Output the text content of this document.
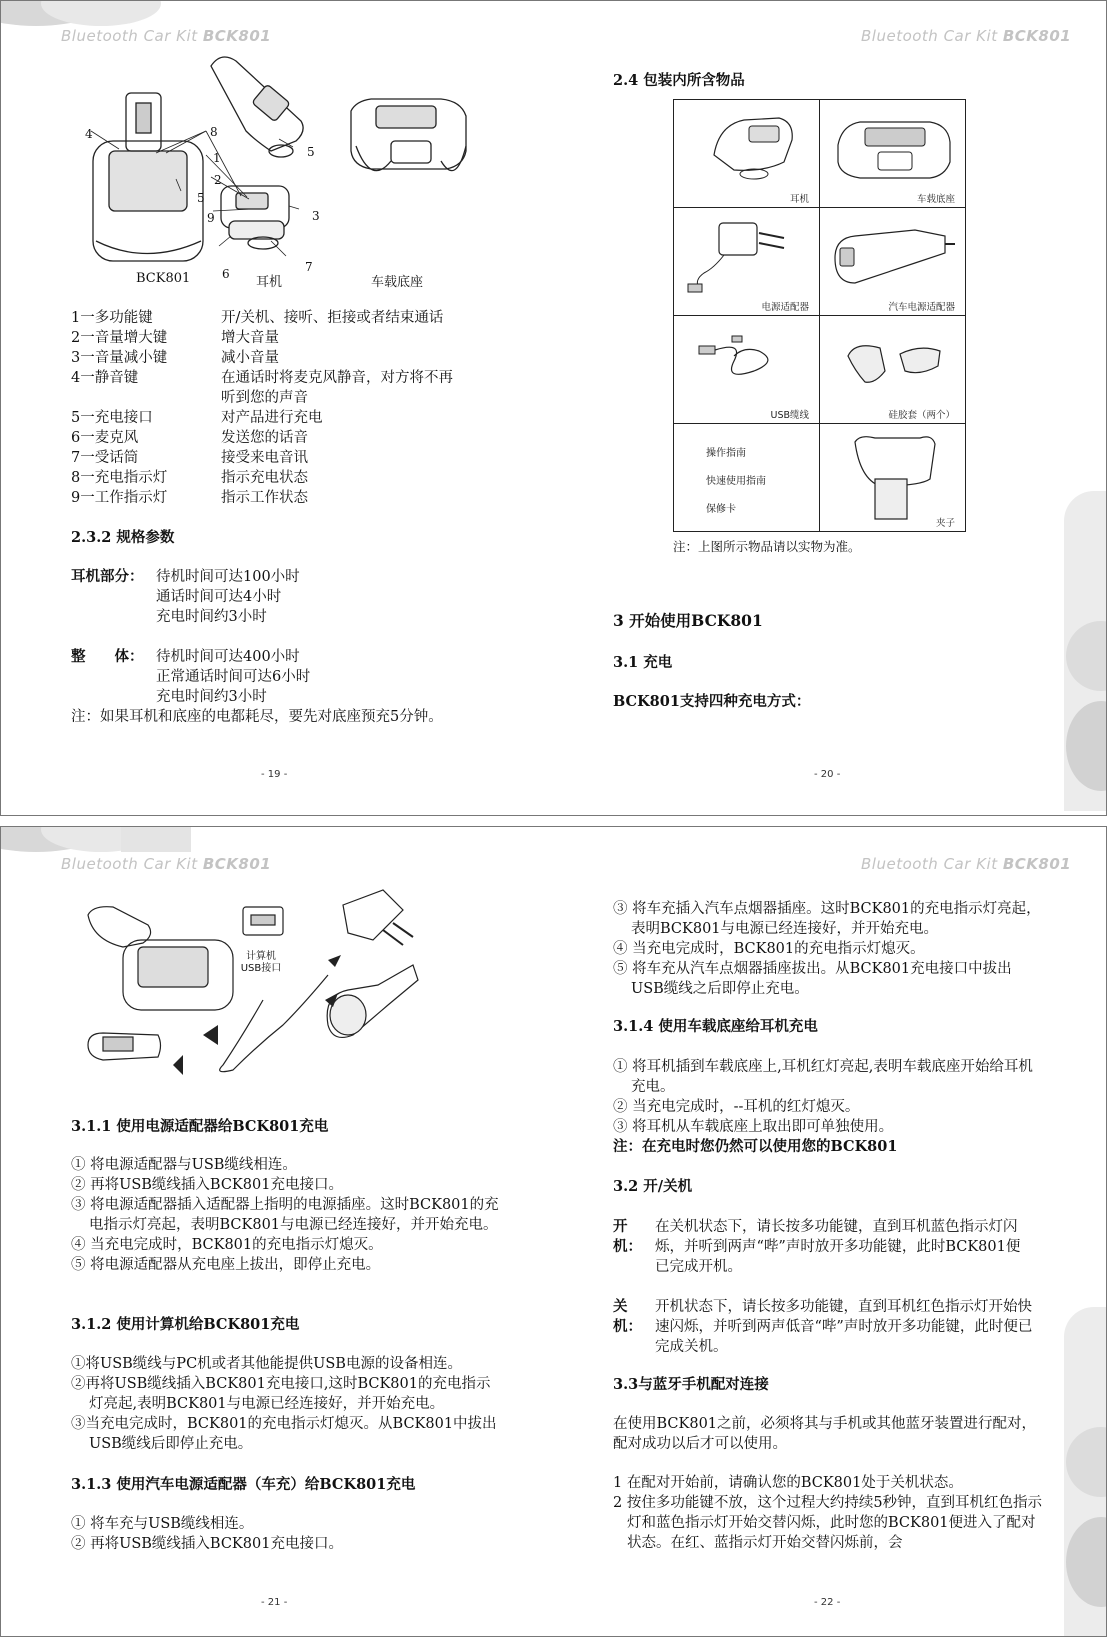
Bluetooth Car Kit BCK801	Bluetooth Car Kit BCK801
4	8
1
2
5
9	3
5
6	7
BCK801	耳机	车载底座
1一多功能键	开/关机、接听、拒接或者结束通话
2一音量增大键	增大音量
3一音量减小键	减小音量
4一静音键	在通话时将麦克风静音，对方将不再
听到您的声音
5一充电接口	对产品进行充电
6一麦克风	发送您的话音
7一受话筒	接受来电音讯
8一充电指示灯	指示充电状态
9一工作指示灯	指示工作状态
2.3.2 规格参数
耳机部分： 待机时间可达100小时
通话时间可达4小时
充电时间约3小时
整　　体： 待机时间可达400小时
正常通话时间可达6小时
充电时间约3小时
注：如果耳机和底座的电都耗尽，要先对底座预充5分钟。
- 19 -
2.4 包装内所含物品
耳机	车载底座

电源适配器	汽车电源适配器

USB缆线	硅胶套（两个）

操作指南
快速使用指南
保修卡	夹子
注：上图所示物品请以实物为准。
3 开始使用BCK801
3.1 充电
BCK801支持四种充电方式：
- 20 -
Bluetooth Car Kit BCK801	Bluetooth Car Kit BCK801
计算机USB接口
3.1.1 使用电源适配器给BCK801充电
① 将电源适配器与USB缆线相连。
② 再将USB缆线插入BCK801充电接口。
③ 将电源适配器插入适配器上指明的电源插座。这时BCK801的充电指示灯亮起，表明BCK801与电源已经连接好，并开始充电。
④ 当充电完成时，BCK801的充电指示灯熄灭。
⑤ 将电源适配器从充电座上拔出，即停止充电。
3.1.2 使用计算机给BCK801充电
①将USB缆线与PC机或者其他能提供USB电源的设备相连。
②再将USB缆线插入BCK801充电接口,这时BCK801的充电指示灯亮起,表明BCK801与电源已经连接好，并开始充电。
③当充电完成时，BCK801的充电指示灯熄灭。从BCK801中拔出USB缆线后即停止充电。
3.1.3 使用汽车电源适配器（车充）给BCK801充电
① 将车充与USB缆线相连。
② 再将USB缆线插入BCK801充电接口。
- 21 -
③ 将车充插入汽车点烟器插座。这时BCK801的充电指示灯亮起，表明BCK801与电源已经连接好，并开始充电。
④ 当充电完成时，BCK801的充电指示灯熄灭。
⑤ 将车充从汽车点烟器插座拔出。从BCK801充电接口中拔出USB缆线之后即停止充电。
3.1.4 使用车载底座给耳机充电
① 将耳机插到车载底座上,耳机红灯亮起,表明车载底座开始给耳机充电。
② 当充电完成时，--耳机的红灯熄灭。
③ 将耳机从车载底座上取出即可单独使用。
注：在充电时您仍然可以使用您的BCK801
3.2 开/关机
开机：
在关机状态下，请长按多功能键，直到耳机蓝色指示灯闪烁，并听到两声“哔”声时放开多功能键，此时BCK801便已完成开机。
关机：
开机状态下，请长按多功能键，直到耳机红色指示灯开始快速闪烁，并听到两声低音“哔”声时放开多功能键，此时便已完成关机。
3.3与蓝牙手机配对连接
在使用BCK801之前，必须将其与手机或其他蓝牙装置进行配对，配对成功以后才可以使用。
1 在配对开始前，请确认您的BCK801处于关机状态。
2 按住多功能键不放，这个过程大约持续5秒钟，直到耳机红色指示灯和蓝色指示灯开始交替闪烁，此时您的BCK801便进入了配对状态。在红、蓝指示灯开始交替闪烁前，会
- 22 -
